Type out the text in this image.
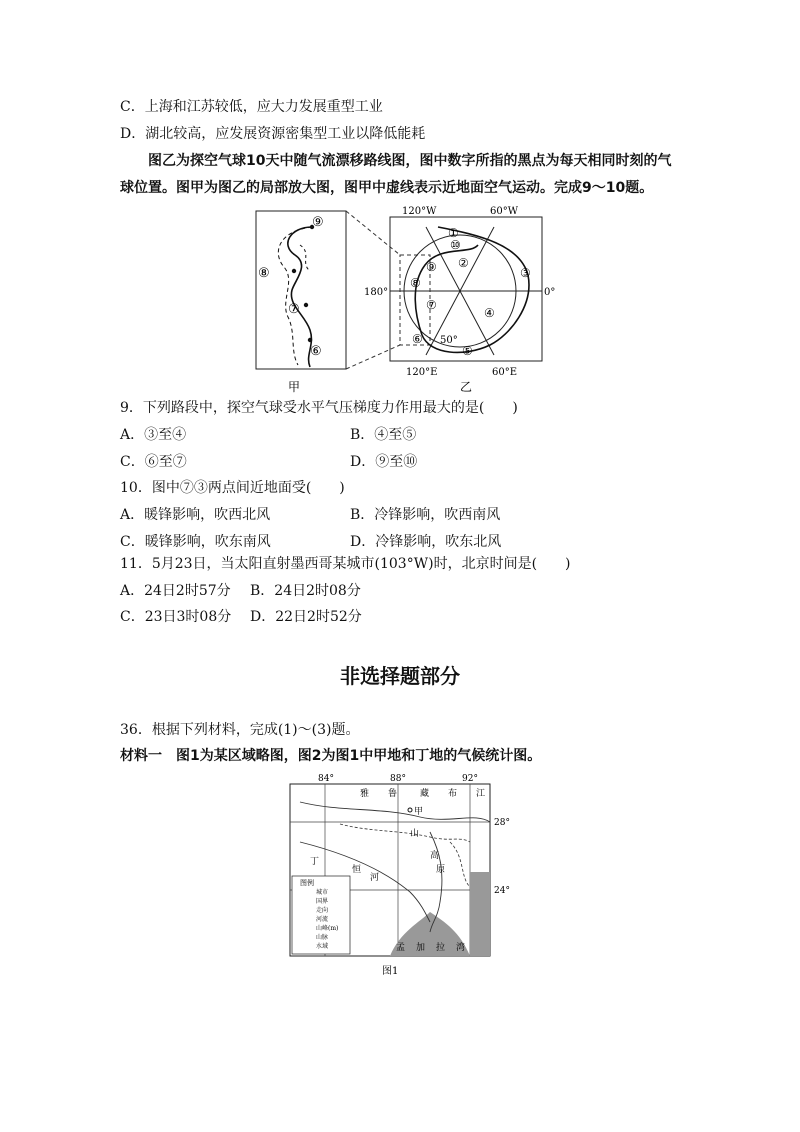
C．上海和江苏较低，应大力发展重型工业
D．湖北较高，应发展资源密集型工业以降低能耗
图乙为探空气球10天中随气流漂移路线图，图中数字所指的黑点为每天相同时刻的气
球位置。图甲为图乙的局部放大图，图甲中虚线表示近地面空气运动。完成9～10题。
⑨
⑧
⑦
⑥
甲
120°W	60°W
180°	0°
120°E	60°E
50°
①
②
③
④
⑤
⑥
⑦
⑧
⑨
⑩
乙
9．下列路段中，探空气球受水平气压梯度力作用最大的是(　　)
A．③至④	B．④至⑤
C．⑥至⑦	D．⑨至⑩
10．图中⑦③两点间近地面受(　　)
A．暖锋影响，吹西北风	B．冷锋影响，吹西南风
C．暖锋影响，吹东南风	D．冷锋影响，吹东北风
11．5月23日，当太阳直射墨西哥某城市(103°W)时，北京时间是(　　)
A．24日2时57分 B．24日2时08分
C．23日3时08分 D．22日2时52分
非选择题部分
36．根据下列材料，完成(1)～(3)题。
材料一　图1为某区域略图，图2为图1中甲地和丁地的气候统计图。
图例
城市
国界
走向
河流
山峰(m)
山脉
水域
84°	88°	92°
28°
24°
雅 鲁	藏 布 江
甲
山
丁
恒
河
高
原
孟 加 拉 湾
图1
